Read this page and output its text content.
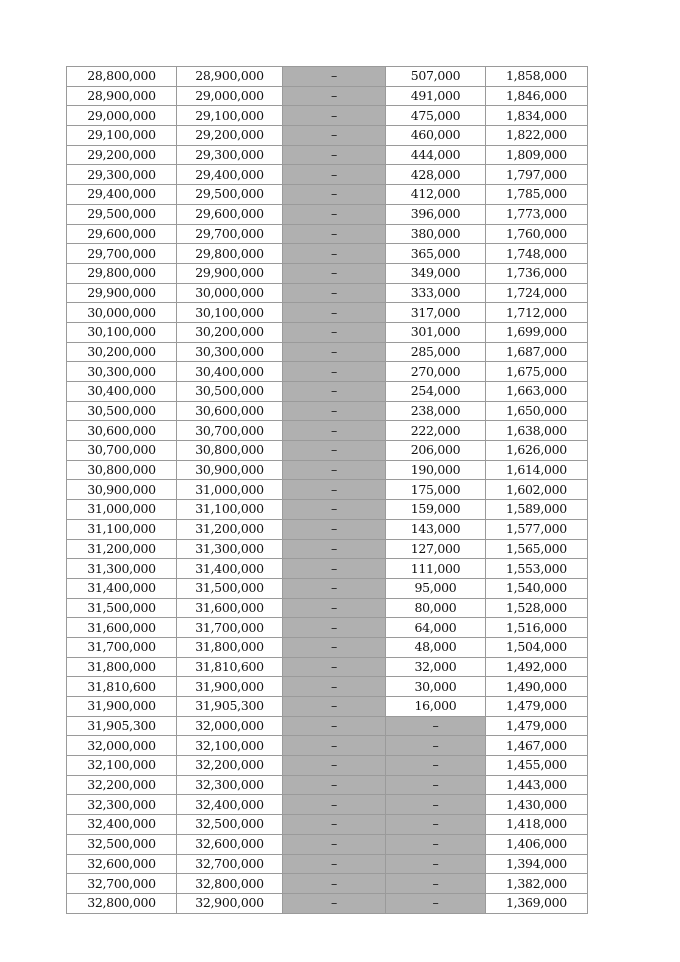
28,800,000	28,900,000	–	507,000	1,858,000
28,900,000	29,000,000	–	491,000	1,846,000
29,000,000	29,100,000	–	475,000	1,834,000
29,100,000	29,200,000	–	460,000	1,822,000
29,200,000	29,300,000	–	444,000	1,809,000
29,300,000	29,400,000	–	428,000	1,797,000
29,400,000	29,500,000	–	412,000	1,785,000
29,500,000	29,600,000	–	396,000	1,773,000
29,600,000	29,700,000	–	380,000	1,760,000
29,700,000	29,800,000	–	365,000	1,748,000
29,800,000	29,900,000	–	349,000	1,736,000
29,900,000	30,000,000	–	333,000	1,724,000
30,000,000	30,100,000	–	317,000	1,712,000
30,100,000	30,200,000	–	301,000	1,699,000
30,200,000	30,300,000	–	285,000	1,687,000
30,300,000	30,400,000	–	270,000	1,675,000
30,400,000	30,500,000	–	254,000	1,663,000
30,500,000	30,600,000	–	238,000	1,650,000
30,600,000	30,700,000	–	222,000	1,638,000
30,700,000	30,800,000	–	206,000	1,626,000
30,800,000	30,900,000	–	190,000	1,614,000
30,900,000	31,000,000	–	175,000	1,602,000
31,000,000	31,100,000	–	159,000	1,589,000
31,100,000	31,200,000	–	143,000	1,577,000
31,200,000	31,300,000	–	127,000	1,565,000
31,300,000	31,400,000	–	111,000	1,553,000
31,400,000	31,500,000	–	95,000	1,540,000
31,500,000	31,600,000	–	80,000	1,528,000
31,600,000	31,700,000	–	64,000	1,516,000
31,700,000	31,800,000	–	48,000	1,504,000
31,800,000	31,810,600	–	32,000	1,492,000
31,810,600	31,900,000	–	30,000	1,490,000
31,900,000	31,905,300	–	16,000	1,479,000
31,905,300	32,000,000	–	–	1,479,000
32,000,000	32,100,000	–	–	1,467,000
32,100,000	32,200,000	–	–	1,455,000
32,200,000	32,300,000	–	–	1,443,000
32,300,000	32,400,000	–	–	1,430,000
32,400,000	32,500,000	–	–	1,418,000
32,500,000	32,600,000	–	–	1,406,000
32,600,000	32,700,000	–	–	1,394,000
32,700,000	32,800,000	–	–	1,382,000
32,800,000	32,900,000	–	–	1,369,000
